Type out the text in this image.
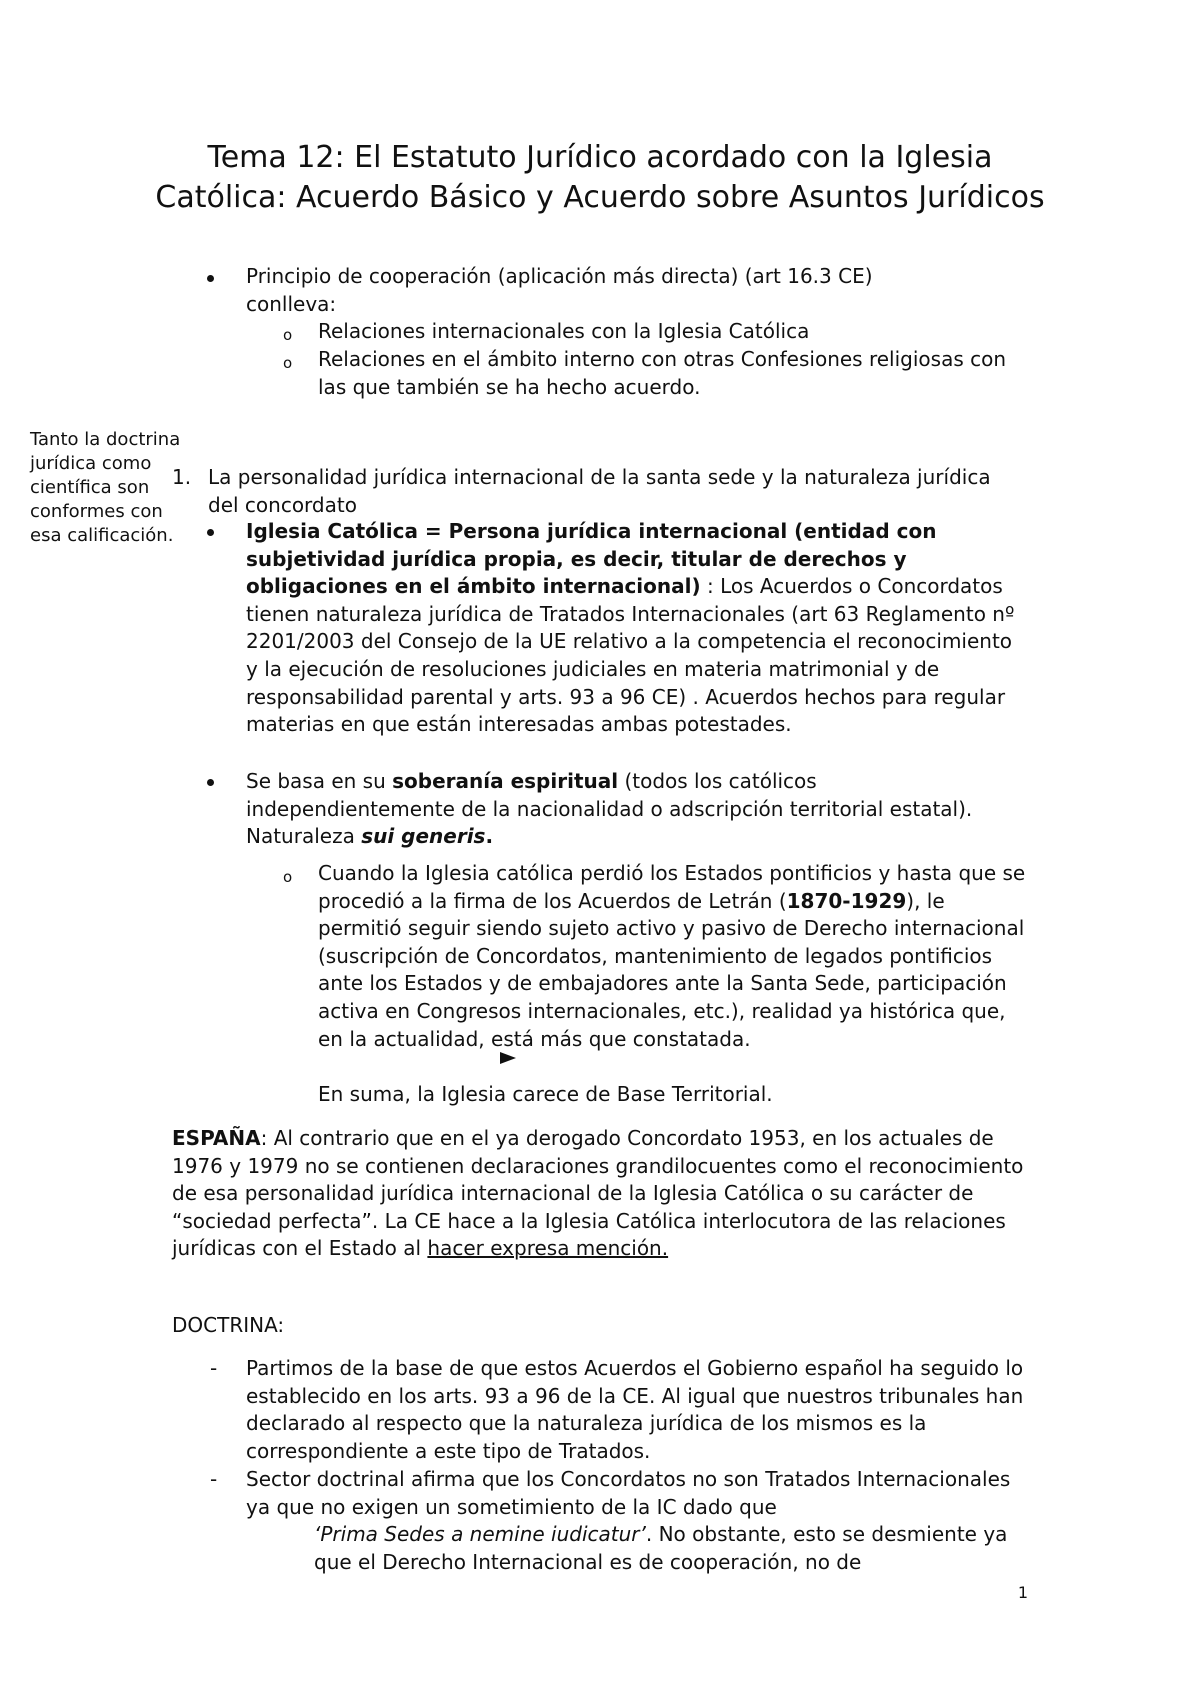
Tema 12: El Estatuto Jurídico acordado con la Iglesia Católica: Acuerdo Básico y Acuerdo sobre Asuntos Jurídicos

Principio de cooperación (aplicación más directa) (art 16.3 CE) conlleva:

o Relaciones internacionales con la Iglesia Católica

o Relaciones en el ámbito interno con otras Confesiones religiosas con las que también se ha hecho acuerdo.

Tanto la doctrina jurídica como científica son conformes con esa calificación.
1. La personalidad jurídica internacional de la santa sede y la naturaleza jurídica del concordato

Iglesia Católica = Persona jurídica internacional (entidad con subjetividad jurídica propia, es decir, titular de derechos y obligaciones en el ámbito internacional) : Los Acuerdos o Concordatos tienen naturaleza jurídica de Tratados Internacionales (art 63 Reglamento nº 2201/2003 del Consejo de la UE relativo a la competencia el reconocimiento y la ejecución de resoluciones judiciales en materia matrimonial y de responsabilidad parental y arts. 93 a 96 CE) . Acuerdos hechos para regular materias en que están interesadas ambas potestades.

Se basa en su soberanía espiritual (todos los católicos independientemente de la nacionalidad o adscripción territorial estatal). Naturaleza sui generis.

o Cuando la Iglesia católica perdió los Estados pontificios y hasta que se procedió a la firma de los Acuerdos de Letrán (1870-1929), le permitió seguir siendo sujeto activo y pasivo de Derecho internacional (suscripción de Concordatos, mantenimiento de legados pontificios ante los Estados y de embajadores ante la Santa Sede, participación activa en Congresos internacionales, etc.), realidad ya histórica que, en la actualidad, está más que constatada.

En suma, la Iglesia carece de Base Territorial.

ESPAÑA: Al contrario que en el ya derogado Concordato 1953, en los actuales de 1976 y 1979 no se contienen declaraciones grandilocuentes como el reconocimiento de esa personalidad jurídica internacional de la Iglesia Católica o su carácter de “sociedad perfecta”. La CE hace a la Iglesia Católica interlocutora de las relaciones jurídicas con el Estado al hacer expresa mención.

DOCTRINA:
- Partimos de la base de que estos Acuerdos el Gobierno español ha seguido lo establecido en los arts. 93 a 96 de la CE. Al igual que nuestros tribunales han declarado al respecto que la naturaleza jurídica de los mismos es la correspondiente a este tipo de Tratados.

- Sector doctrinal afirma que los Concordatos no son Tratados Internacionales ya que no exigen un sometimiento de la IC dado que

‘Prima Sedes a nemine iudicatur’. No obstante, esto se desmiente ya que el Derecho Internacional es de cooperación, no de

1
